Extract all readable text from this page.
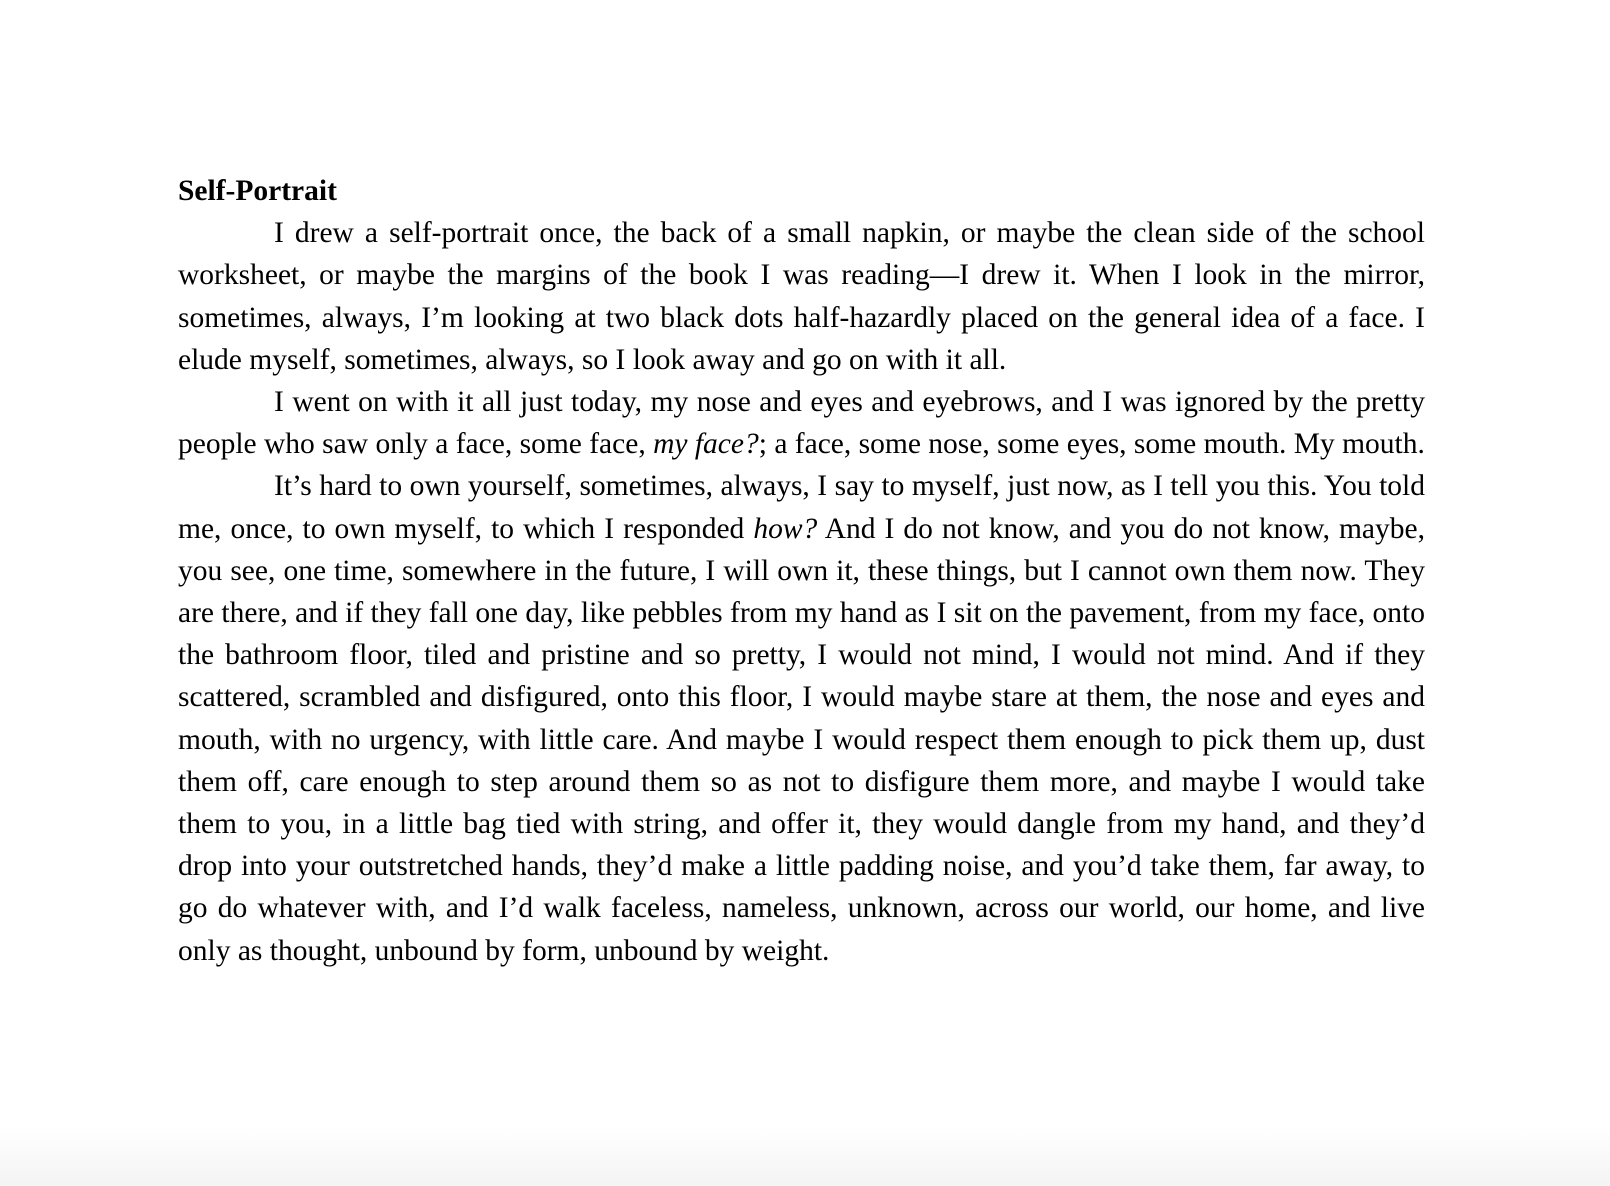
Self-Portrait

I drew a self-portrait once, the back of a small napkin, or maybe the clean side of the school worksheet, or maybe the margins of the book I was reading—I drew it. When I look in the mirror, sometimes, always, I’m looking at two black dots half-hazardly placed on the general idea of a face. I elude myself, sometimes, always, so I look away and go on with it all.

I went on with it all just today, my nose and eyes and eyebrows, and I was ignored by the pretty people who saw only a face, some face, my face?; a face, some nose, some eyes, some mouth. My mouth.

It’s hard to own yourself, sometimes, always, I say to myself, just now, as I tell you this. You told me, once, to own myself, to which I responded how? And I do not know, and you do not know, maybe, you see, one time, somewhere in the future, I will own it, these things, but I cannot own them now. They are there, and if they fall one day, like pebbles from my hand as I sit on the pavement, from my face, onto the bathroom floor, tiled and pristine and so pretty, I would not mind, I would not mind. And if they scattered, scrambled and disfigured, onto this floor, I would maybe stare at them, the nose and eyes and mouth, with no urgency, with little care. And maybe I would respect them enough to pick them up, dust them off, care enough to step around them so as not to disfigure them more, and maybe I would take them to you, in a little bag tied with string, and offer it, they would dangle from my hand, and they’d drop into your outstretched hands, they’d make a little padding noise, and you’d take them, far away, to go do whatever with, and I’d walk faceless, nameless, unknown, across our world, our home, and live only as thought, unbound by form, unbound by weight.
